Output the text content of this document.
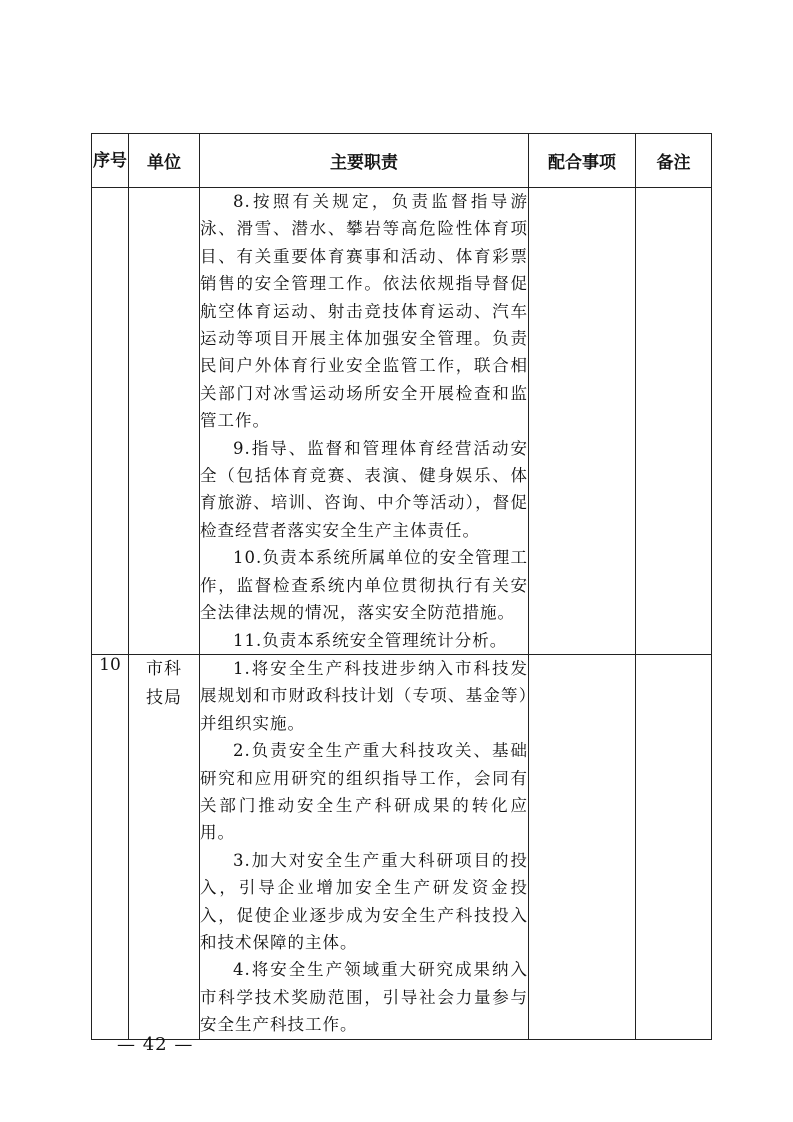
序号	单位	主要职责	配合事项	备注

		8.按照有关规定，负责监督指导游泳、滑雪、潜水、攀岩等高危险性体育项目、有关重要体育赛事和活动、体育彩票销售的安全管理工作。依法依规指导督促航空体育运动、射击竞技体育运动、汽车运动等项目开展主体加强安全管理。负责民间户外体育行业安全监管工作，联合相关部门对冰雪运动场所安全开展检查和监管工作。

9.指导、监督和管理体育经营活动安全（包括体育竞赛、表演、健身娱乐、体育旅游、培训、咨询、中介等活动），督促检查经营者落实安全生产主体责任。

10.负责本系统所属单位的安全管理工作，监督检查系统内单位贯彻执行有关安全法律法规的情况，落实安全防范措施。

11.负责本系统安全管理统计分析。		

10	市科技局	1.将安全生产科技进步纳入市科技发展规划和市财政科技计划（专项、基金等）并组织实施。

2.负责安全生产重大科技攻关、基础研究和应用研究的组织指导工作，会同有关部门推动安全生产科研成果的转化应用。

3.加大对安全生产重大科研项目的投入，引导企业增加安全生产研发资金投入，促使企业逐步成为安全生产科技投入和技术保障的主体。

4.将安全生产领域重大研究成果纳入市科学技术奖励范围，引导社会力量参与安全生产科技工作。		

— 42 —
